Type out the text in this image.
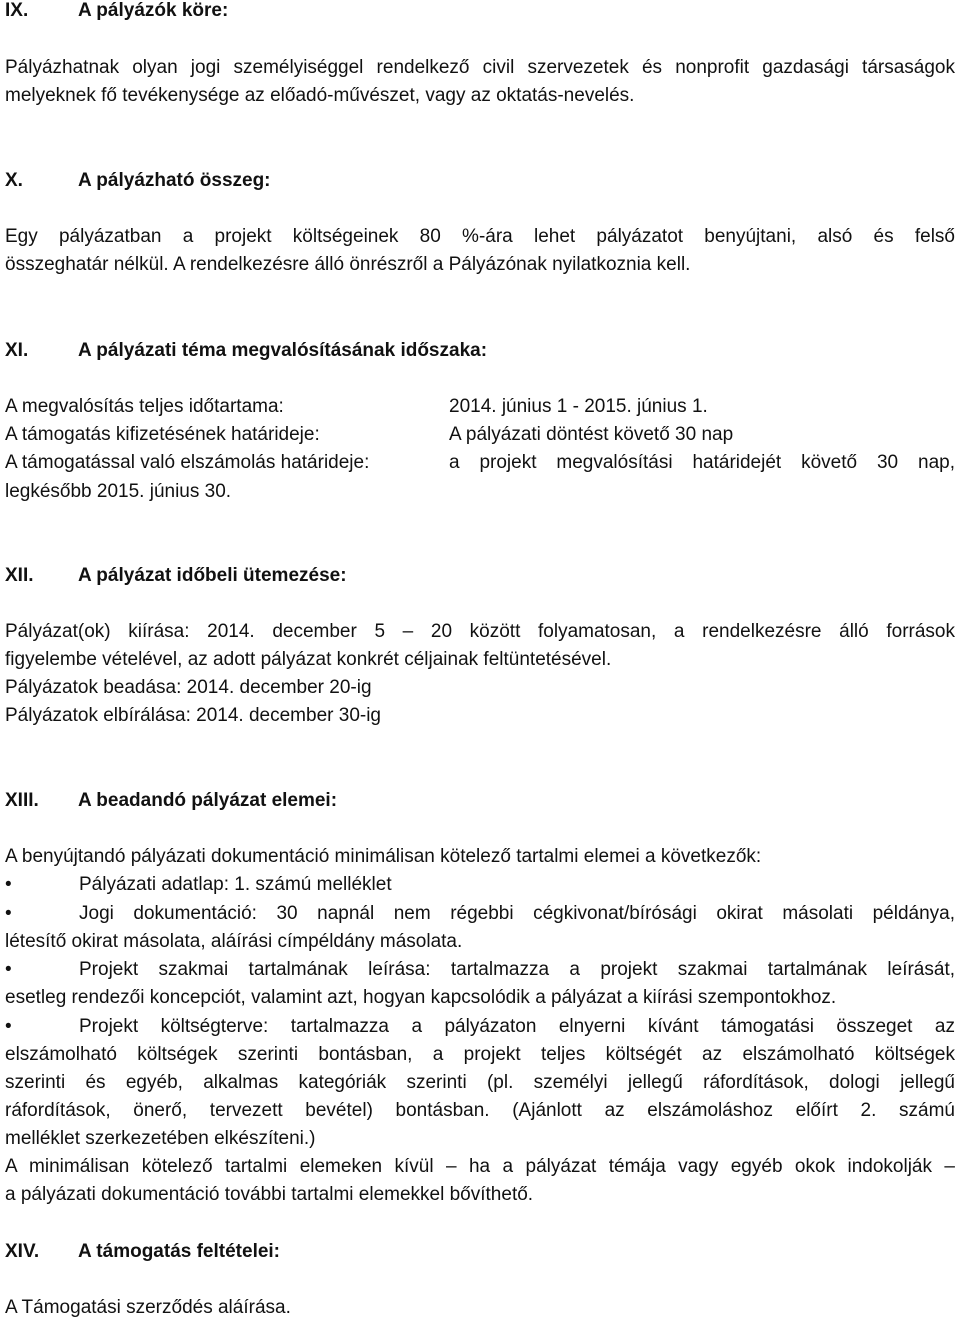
IX.	A pályázók köre:
Pályázhatnak olyan jogi személyiséggel rendelkező civil szervezetek és nonprofit gazdasági társaságok
melyeknek fő tevékenysége az előadó-művészet, vagy az oktatás-nevelés.
X.	A pályázható összeg:
Egy pályázatban a projekt költségeinek 80 %-ára lehet pályázatot benyújtani, alsó és felső
összeghatár nélkül. A rendelkezésre álló önrészről a Pályázónak nyilatkoznia kell.
XI.	A pályázati téma megvalósításának időszaka:
A megvalósítás teljes időtartama:	2014. június 1 - 2015. június 1.
A támogatás kifizetésének határideje:	A pályázati döntést követő 30 nap
A támogatással való elszámolás határideje:	a projekt megvalósítási határidejét követő 30 nap,
legkésőbb 2015. június 30.
XII. A pályázat időbeli ütemezése:
Pályázat(ok) kiírása: 2014. december 5 – 20 között folyamatosan, a rendelkezésre álló források
figyelembe vételével, az adott pályázat konkrét céljainak feltüntetésével.
Pályázatok beadása: 2014. december 20-ig
Pályázatok elbírálása: 2014. december 30-ig
XIII. A beadandó pályázat elemei:
A benyújtandó pályázati dokumentáció minimálisan kötelező tartalmi elemei a következők:
•	Pályázati adatlap: 1. számú melléklet
•	Jogi dokumentáció: 30 napnál nem régebbi cégkivonat/bírósági okirat másolati példánya,
létesítő okirat másolata, aláírási címpéldány másolata.
•	Projekt szakmai tartalmának leírása: tartalmazza a projekt szakmai tartalmának leírását,
esetleg rendezői koncepciót, valamint azt, hogyan kapcsolódik a pályázat a kiírási szempontokhoz.
•	Projekt költségterve: tartalmazza a pályázaton elnyerni kívánt támogatási összeget az
elszámolható költségek szerinti bontásban, a projekt teljes költségét az elszámolható költségek
szerinti és egyéb, alkalmas kategóriák szerinti (pl. személyi jellegű ráfordítások, dologi jellegű
ráfordítások, önerő, tervezett bevétel) bontásban. (Ajánlott az elszámoláshoz előírt 2. számú
melléklet szerkezetében elkészíteni.)
A minimálisan kötelező tartalmi elemeken kívül – ha a pályázat témája vagy egyéb okok indokolják –
a pályázati dokumentáció további tartalmi elemekkel bővíthető.
XIV. A támogatás feltételei:
A Támogatási szerződés aláírása.
